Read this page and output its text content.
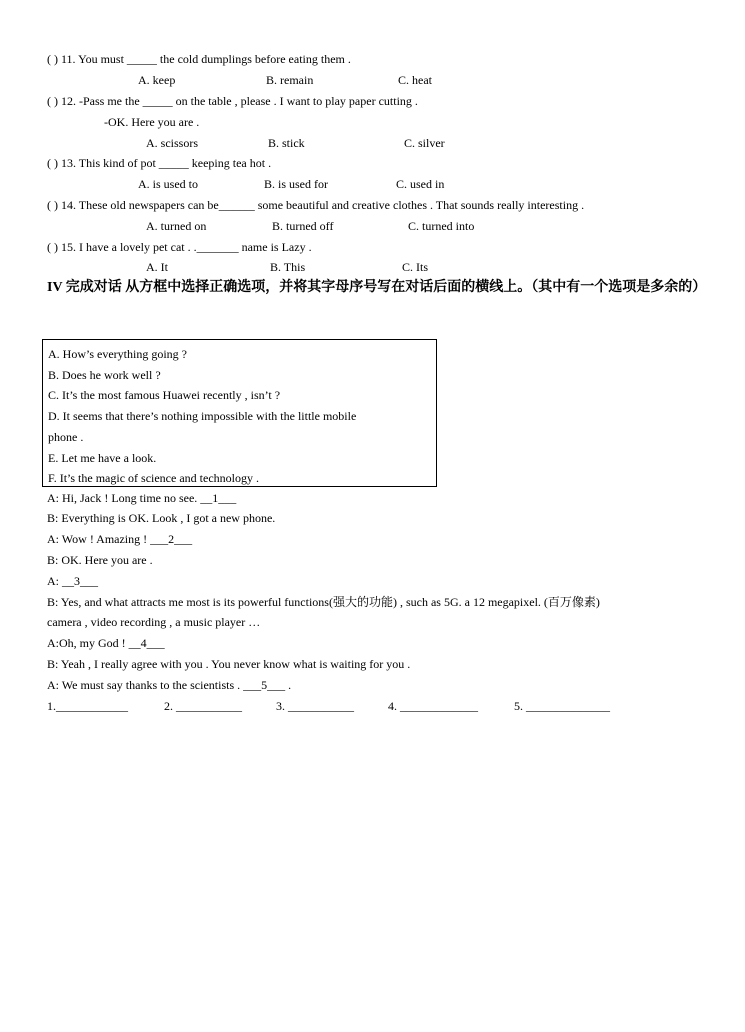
( ) 11. You must _____ the cold dumplings before eating them .
A. keep	B. remain	C. heat
( ) 12. -Pass me the _____ on the table , please . I want to play paper cutting .
-OK. Here you are .
A. scissors	B. stick	C. silver
( ) 13. This kind of pot _____ keeping tea hot .
A. is used to	B. is used for	C. used in
( ) 14. These old newspapers can be______ some beautiful and creative clothes . That sounds really interesting .
A. turned on	B. turned off	C. turned into
( ) 15. I have a lovely pet cat . ._______ name is Lazy .
A. It	B. This	C. Its
IV 完成对话 从方框中选择正确选项，并将其字母序号写在对话后面的横线上。（其中有一个选项是多余的）
A. How’s everything going ?
B. Does he work well ?
C. It’s the most famous Huawei recently , isn’t ?
D. It seems that there’s nothing impossible with the little mobile
phone .
E. Let me have a look.
F. It’s the magic of science and technology .
A: Hi, Jack ! Long time no see. __1___
B: Everything is OK. Look , I got a new phone.
A: Wow ! Amazing ! ___2___
B: OK. Here you are .
A: __3___
B: Yes, and what attracts me most is its powerful functions(强大的功能) , such as 5G. a 12 megapixel. (百万像素)
camera , video recording , a music player …
A:Oh, my God ! __4___
B: Yeah , I really agree with you . You never know what is waiting for you .
A: We must say thanks to the scientists . ___5___ .
1.____________	2. ___________	3. ___________	4. _____________	5. ______________
